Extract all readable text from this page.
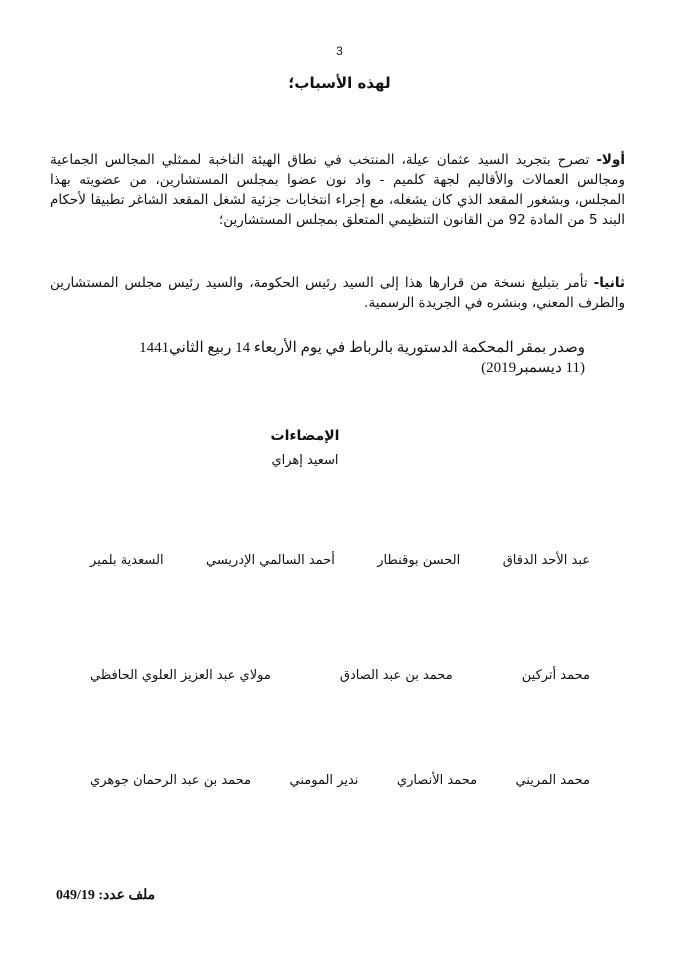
3
لهذه الأسباب؛
أولا- تصرح بتجريد السيد عثمان عيلة، المنتخب في نطاق الهيئة الناخبة لممثلي المجالس الجماعية ومجالس العمالات والأقاليم لجهة كلميم - واد نون عضوا بمجلس المستشارين، من عضويته بهذا المجلس، وبشغور المقعد الذي كان يشغله، مع إجراء انتخابات جزئية لشغل المقعد الشاغر تطبيقا لأحكام البند 5 من المادة 92 من القانون التنظيمي المتعلق بمجلس المستشارين؛
ثانيا- تأمر بتبليغ نسخة من قرارها هذا إلى السيد رئيس الحكومة، والسيد رئيس مجلس المستشارين والطرف المعني، وبنشره في الجريدة الرسمية.
وصدر بمقر المحكمة الدستورية بالرباط في يوم الأربعاء 14 ربيع الثاني1441
(11 ديسمبر2019)
الإمضاءات
اسعيد إهراي
عبد الأحد الدقاق
الحسن بوقنطار
أحمد السالمي الإدريسي
السعدية بلمير
محمد أتركين
محمد بن عبد الصادق
مولاي عبد العزيز العلوي الحافظي
محمد المريني
محمد الأنصاري
ندير المومني
محمد بن عبد الرحمان جوهري
ملف عدد: 049/19
